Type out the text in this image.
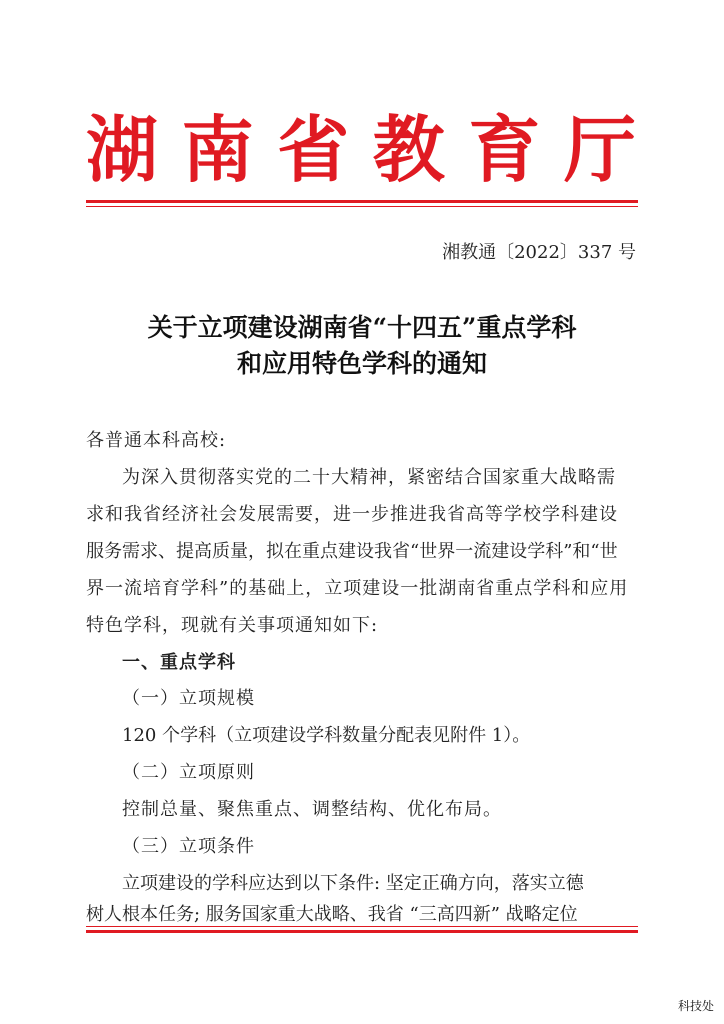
湖 南 省 教 育 厅
湘教通〔2022〕337 号
关于立项建设湖南省“十四五”重点学科
和应用特色学科的通知
各普通本科高校:
为深入贯彻落实党的二十大精神，紧密结合国家重大战略需
求和我省经济社会发展需要，进一步推进我省高等学校学科建设
服务需求、提高质量，拟在重点建设我省“世界一流建设学科”和“世
界一流培育学科”的基础上，立项建设一批湖南省重点学科和应用
特色学科，现就有关事项通知如下:
一、重点学科
（一）立项规模
120 个学科（立项建设学科数量分配表见附件 1）。
（二）立项原则
控制总量、聚焦重点、调整结构、优化布局。
（三）立项条件
立项建设的学科应达到以下条件: 坚定正确方向，落实立德
树人根本任务; 服务国家重大战略、我省 “三高四新” 战略定位
科技处
